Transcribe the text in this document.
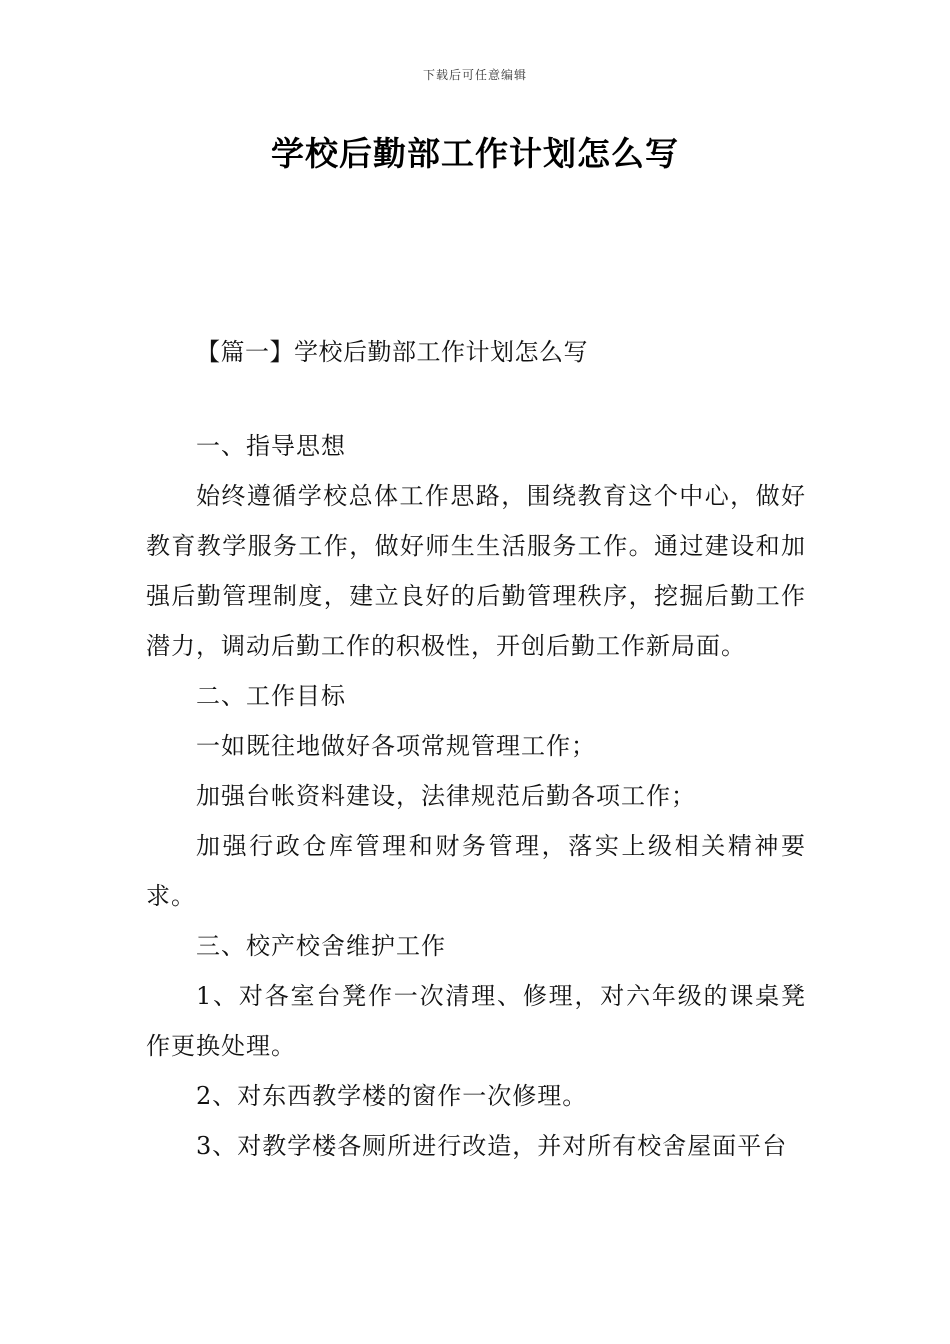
下载后可任意编辑
学校后勤部工作计划怎么写
【篇一】学校后勤部工作计划怎么写

一、指导思想

始终遵循学校总体工作思路，围绕教育这个中心，做好教育教学服务工作，做好师生生活服务工作。通过建设和加强后勤管理制度，建立良好的后勤管理秩序，挖掘后勤工作潜力，调动后勤工作的积极性，开创后勤工作新局面。

二、工作目标

一如既往地做好各项常规管理工作；

加强台帐资料建设，法律规范后勤各项工作；

加强行政仓库管理和财务管理，落实上级相关精神要求。

三、校产校舍维护工作

1、对各室台凳作一次清理、修理，对六年级的课桌凳作更换处理。

2、对东西教学楼的窗作一次修理。

3、对教学楼各厕所进行改造，并对所有校舍屋面平台
